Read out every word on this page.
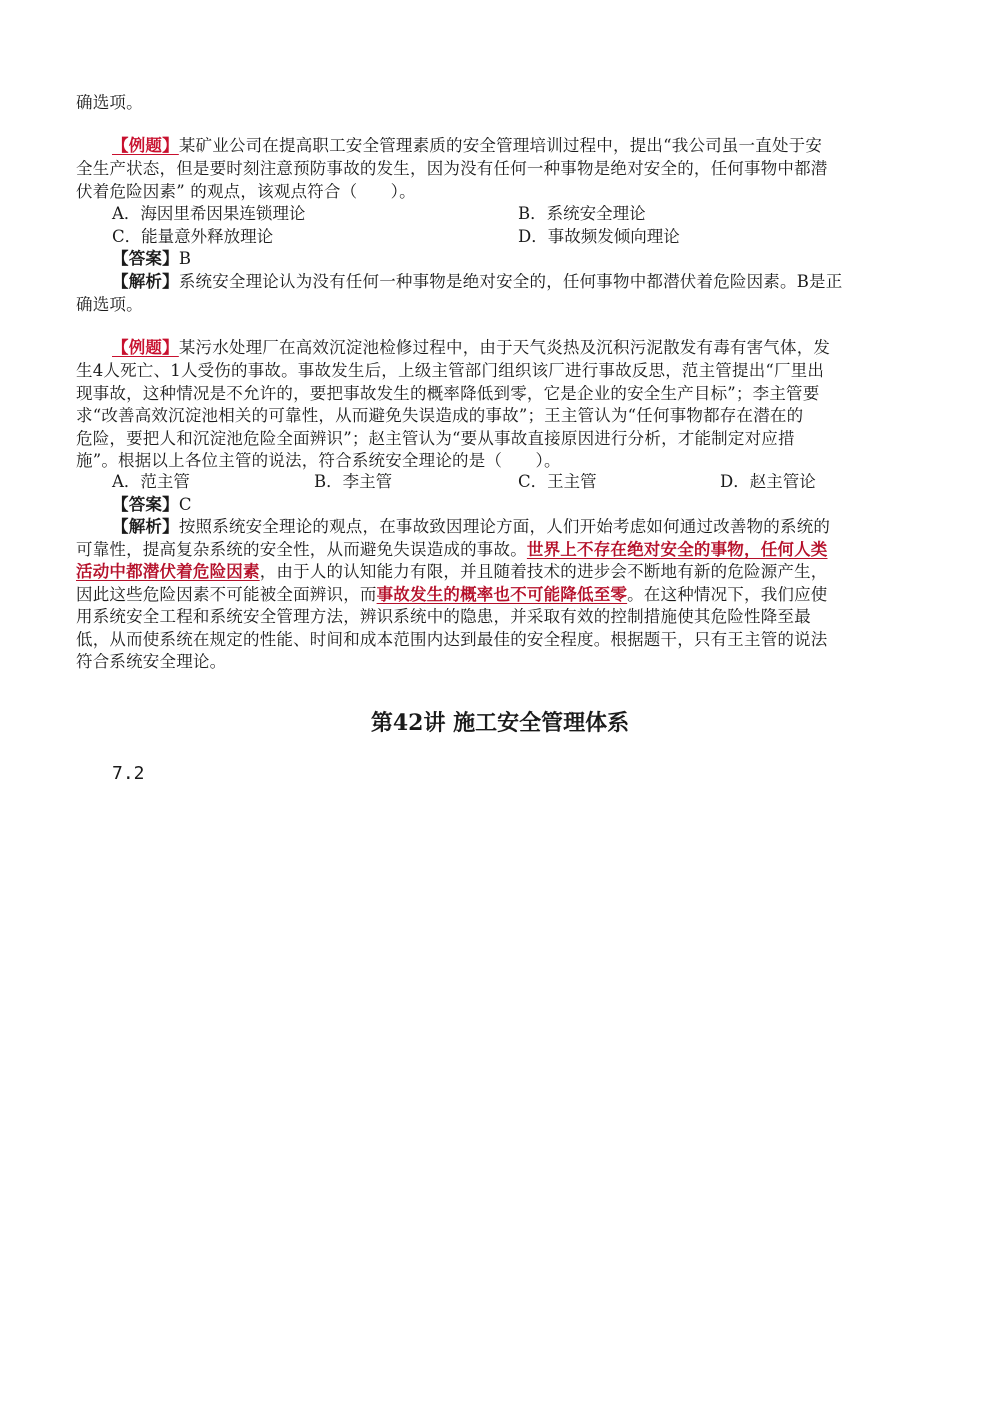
确选项。
【例题】某矿业公司在提高职工安全管理素质的安全管理培训过程中，提出“我公司虽一直处于安
全生产状态，但是要时刻注意预防事故的发生，因为没有任何一种事物是绝对安全的，任何事物中都潜
伏着危险因素” 的观点，该观点符合（　　）。
A．海因里希因果连锁理论	B．系统安全理论
C．能量意外释放理论	D．事故频发倾向理论
【答案】B
【解析】系统安全理论认为没有任何一种事物是绝对安全的，任何事物中都潜伏着危险因素。B是正
确选项。
【例题】某污水处理厂在高效沉淀池检修过程中，由于天气炎热及沉积污泥散发有毒有害气体，发
生4人死亡、1人受伤的事故。事故发生后，上级主管部门组织该厂进行事故反思，范主管提出“厂里出
现事故，这种情况是不允许的，要把事故发生的概率降低到零，它是企业的安全生产目标”；李主管要
求“改善高效沉淀池相关的可靠性，从而避免失误造成的事故”；王主管认为“任何事物都存在潜在的
危险，要把人和沉淀池危险全面辨识”；赵主管认为“要从事故直接原因进行分析，才能制定对应措
施”。根据以上各位主管的说法，符合系统安全理论的是（　　）。
A．范主管	B．李主管	C．王主管	D．赵主管论
【答案】C
【解析】按照系统安全理论的观点，在事故致因理论方面，人们开始考虑如何通过改善物的系统的
可靠性，提高复杂系统的安全性，从而避免失误造成的事故。世界上不存在绝对安全的事物，任何人类
活动中都潜伏着危险因素，由于人的认知能力有限，并且随着技术的进步会不断地有新的危险源产生，
因此这些危险因素不可能被全面辨识，而事故发生的概率也不可能降低至零。在这种情况下，我们应使
用系统安全工程和系统安全管理方法，辨识系统中的隐患，并采取有效的控制措施使其危险性降至最
低，从而使系统在规定的性能、时间和成本范围内达到最佳的安全程度。根据题干，只有王主管的说法
符合系统安全理论。
第42讲 施工安全管理体系
7.2
